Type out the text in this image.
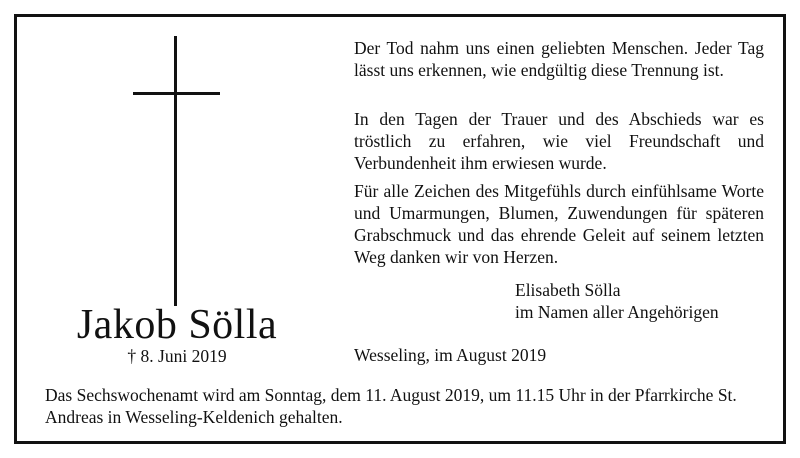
Jakob Sölla
† 8. Juni 2019

Der Tod nahm uns einen geliebten Menschen. Jeder Tag lässt uns erkennen, wie endgültig diese Trennung ist.

In den Tagen der Trauer und des Abschieds war es tröstlich zu erfahren, wie viel Freundschaft und Verbundenheit ihm erwiesen wurde.

Für alle Zeichen des Mitgefühls durch einfühlsame Worte und Umarmungen, Blumen, Zuwendungen für späteren Grabschmuck und das ehrende Geleit auf seinem letzten Weg danken wir von Herzen.

Elisabeth Sölla
im Namen aller Angehörigen
Wesseling, im August 2019
Das Sechswochenamt wird am Sonntag, dem 11. August 2019, um 11.15 Uhr in der Pfarrkirche St. Andreas in Wesseling-Keldenich gehalten.
